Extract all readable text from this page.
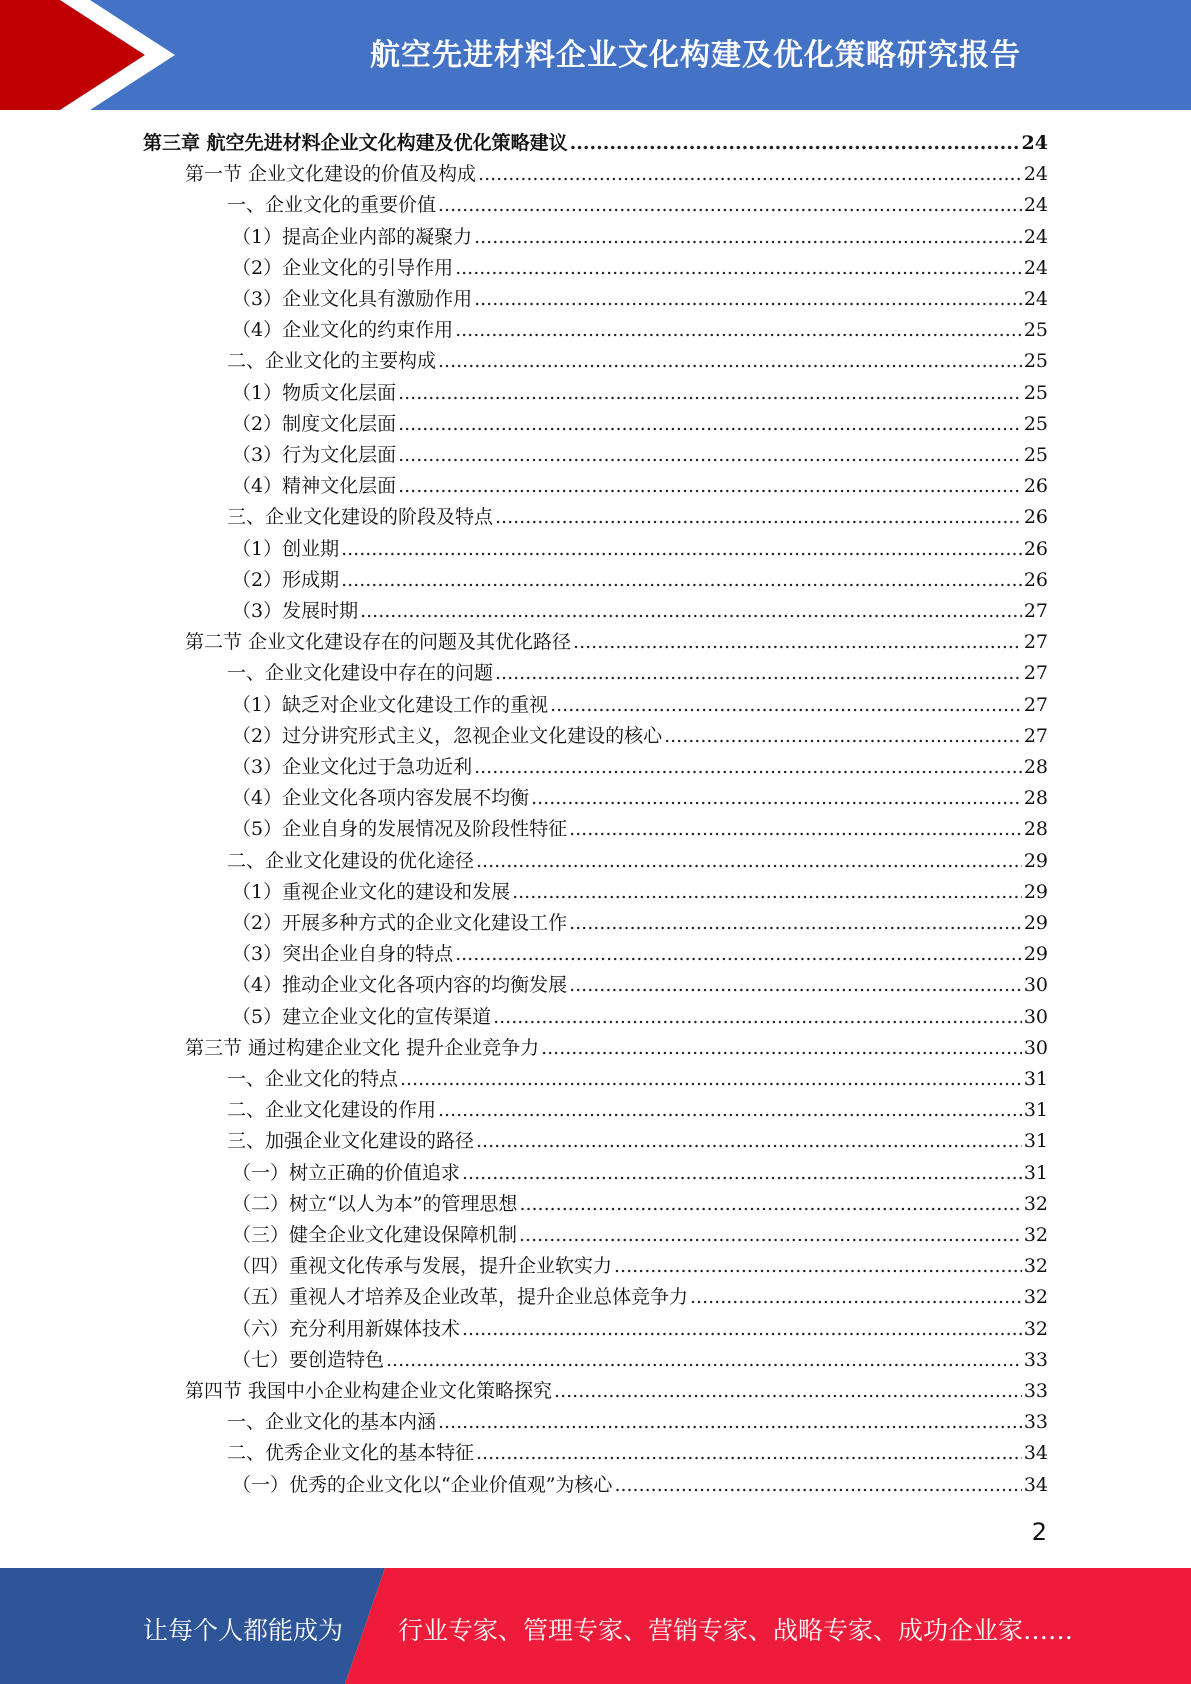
航空先进材料企业文化构建及优化策略研究报告
第三章 航空先进材料企业文化构建及优化策略建议 .....	24
第一节 企业文化建设的价值及构成 .....	24
一、企业文化的重要价值 .....	24
（1）提高企业内部的凝聚力 .....	24
（2）企业文化的引导作用 .....	24
（3）企业文化具有激励作用 .....	24
（4）企业文化的约束作用 .....	25
二、企业文化的主要构成 .....	25
（1）物质文化层面 .....	25
（2）制度文化层面 .....	25
（3）行为文化层面 .....	25
（4）精神文化层面 .....	26
三、企业文化建设的阶段及特点 .....	26
（1）创业期 .....	26
（2）形成期 .....	26
（3）发展时期 .....	27
第二节 企业文化建设存在的问题及其优化路径 .....	27
一、企业文化建设中存在的问题 .....	27
（1）缺乏对企业文化建设工作的重视 .....	27
（2）过分讲究形式主义，忽视企业文化建设的核心 .....	27
（3）企业文化过于急功近利 .....	28
（4）企业文化各项内容发展不均衡 .....	28
（5）企业自身的发展情况及阶段性特征 .....	28
二、企业文化建设的优化途径 .....	29
（1）重视企业文化的建设和发展 .....	29
（2）开展多种方式的企业文化建设工作 .....	29
（3）突出企业自身的特点 .....	29
（4）推动企业文化各项内容的均衡发展 .....	30
（5）建立企业文化的宣传渠道 .....	30
第三节 通过构建企业文化 提升企业竞争力 .....	30
一、企业文化的特点 .....	31
二、企业文化建设的作用 .....	31
三、加强企业文化建设的路径 .....	31
（一）树立正确的价值追求 .....	31
（二）树立“以人为本”的管理思想 .....	32
（三）健全企业文化建设保障机制 .....	32
（四）重视文化传承与发展，提升企业软实力 .....	32
（五）重视人才培养及企业改革，提升企业总体竞争力 .....	32
（六）充分利用新媒体技术 .....	32
（七）要创造特色 .....	33
第四节 我国中小企业构建企业文化策略探究 .....	33
一、企业文化的基本内涵 .....	33
二、优秀企业文化的基本特征 .....	34
（一）优秀的企业文化以“企业价值观”为核心 .....	34
2
让每个人都能成为 行业专家、管理专家、营销专家、战略专家、成功企业家……
